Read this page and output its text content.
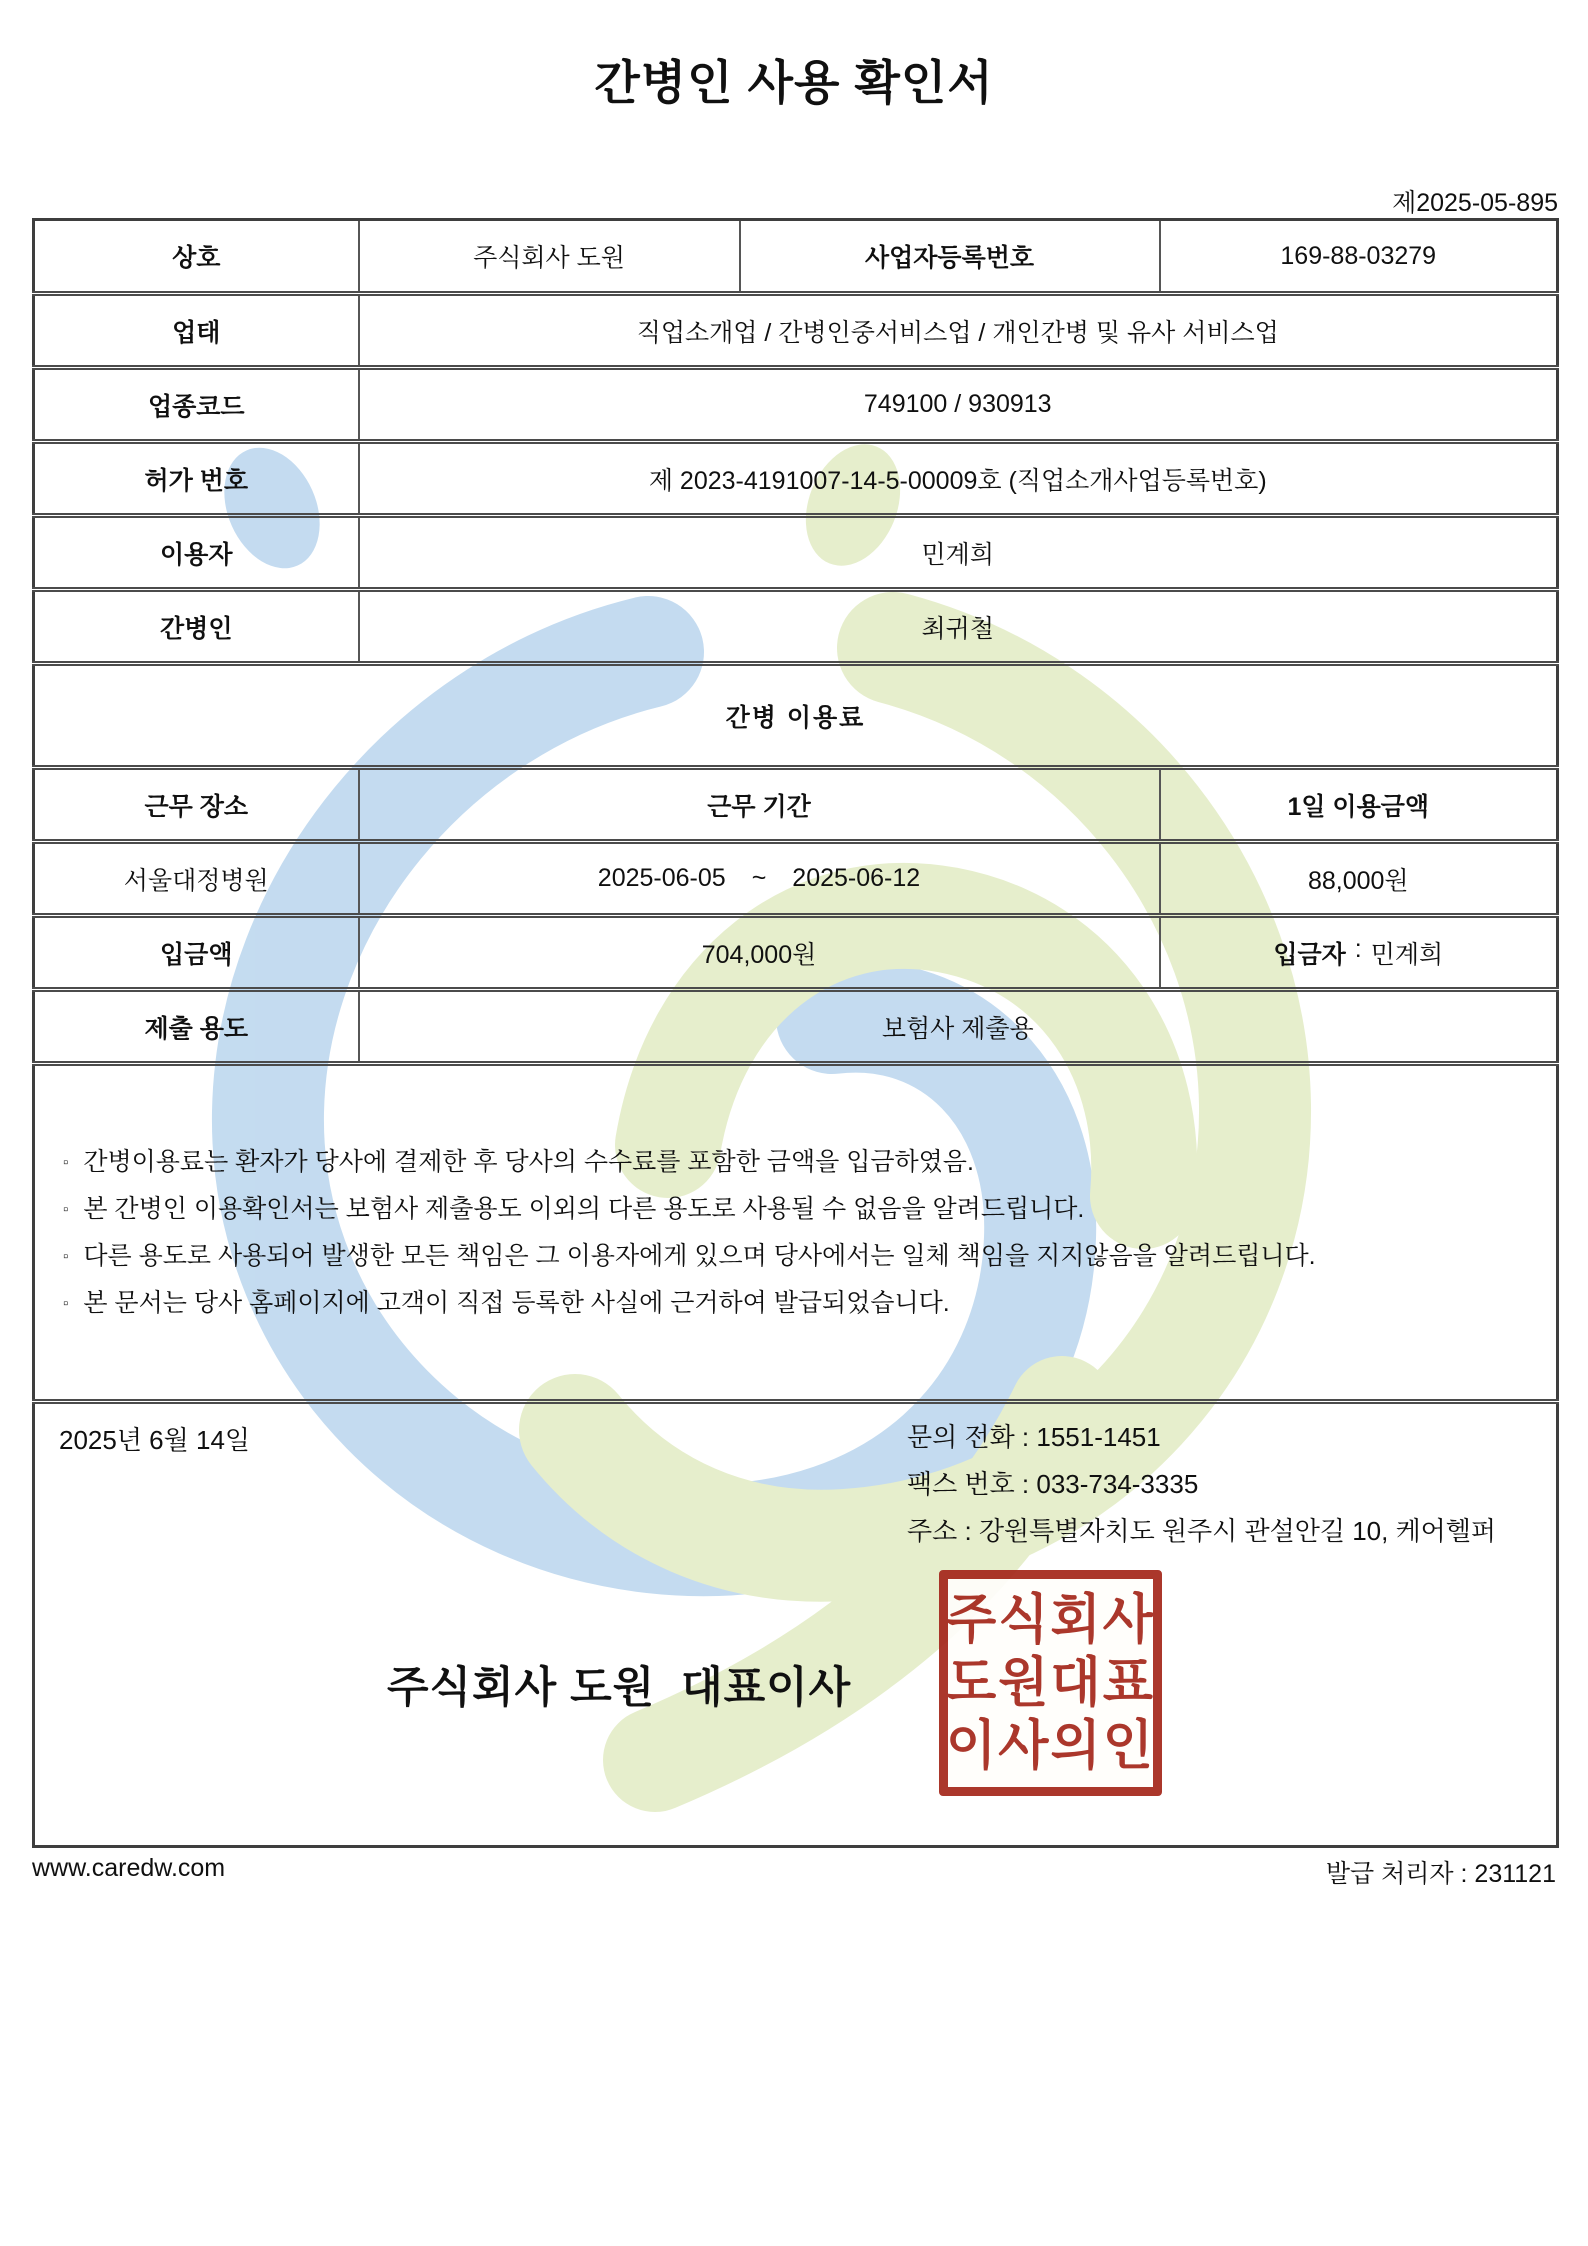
간병인 사용 확인서
제2025-05-895
상호	주식회사 도원	사업자등록번호	169-88-03279
업태	직업소개업 / 간병인중서비스업 / 개인간병 및 유사 서비스업		
업종코드	749100 / 930913		
허가 번호	제 2023-4191007-14-5-00009호 (직업소개사업등록번호)		
이용자	민계희		
간병인	최귀철		
간병 이용료			
근무 장소	근무 기간		1일 이용금액
서울대정병원	2025-06-05 ~ 2025-06-12		88,000원
입금액	704,000원		입금자 : 민계희

제출 용도	보험사 제출용		

▫ 간병이용료는 환자가 당사에 결제한 후 당사의 수수료를 포함한 금액을 입금하였음.
▫ 본 간병인 이용확인서는 보험사 제출용도 이외의 다른 용도로 사용될 수 없음을 알려드립니다.
▫ 다른 용도로 사용되어 발생한 모든 책임은 그 이용자에게 있으며 당사에서는 일체 책임을 지지않음을 알려드립니다.
▫ 본 문서는 당사 홈페이지에 고객이 직접 등록한 사실에 근거하여 발급되었습니다.

2025년 6월 14일	문의 전화 : 1551-1451
팩스 번호 : 033-734-3335
주소 : 강원특별자치도 원주시 관설안길 10, 케어헬퍼
주식회사 도원  대표이사
주식회사
도원대표
이사의인
www.caredw.com	발급 처리자 : 231121
